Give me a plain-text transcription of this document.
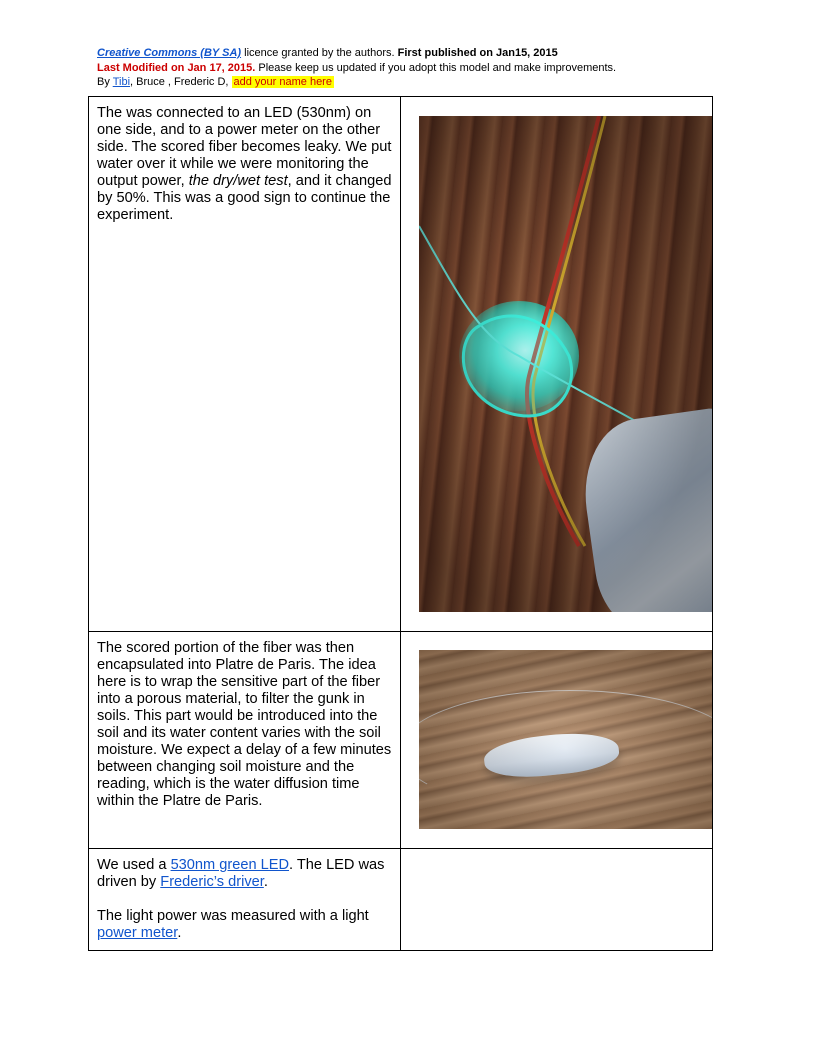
Creative Commons (BY SA) licence granted by the authors. First published on Jan15, 2015
Last Modified on Jan 17, 2015. Please keep us updated if you adopt this model and make improvements.
By Tibi, Bruce , Frederic D, add your name here

The was connected to an LED (530nm) on one side, and to a power meter on the other side. The scored fiber becomes leaky. We put water over it while we were monitoring the output power, the dry/wet test, and it changed by 50%. This was a good sign to continue the experiment.

The scored portion of the fiber was then encapsulated into Platre de Paris. The idea here is to wrap the sensitive part of the fiber into a porous material, to filter the gunk in soils. This part would be introduced into the soil and its water content varies with the soil moisture. We expect a delay of a few minutes between changing soil moisture and the reading, which is the water diffusion time within the Platre de Paris.	

We used a 530nm green LED. The LED was driven by Frederic’s driver.

The light power was measured with a light power meter.	
